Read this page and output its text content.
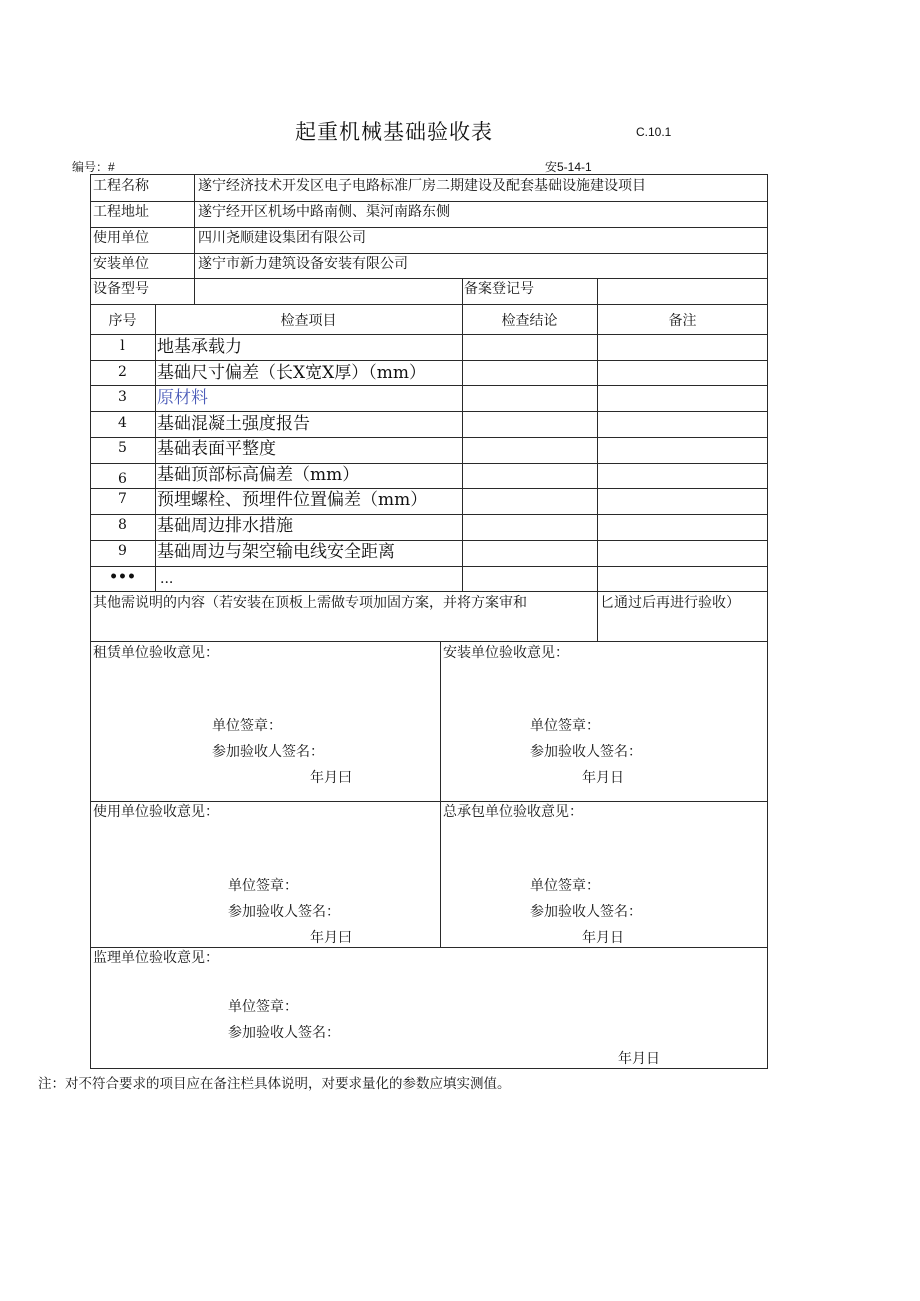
起重机械基础验收表	C.10.1
编号：#	安5-14-1
工程名称	遂宁经济技术开发区电子电路标准厂房二期建设及配套基础设施建设项目
工程地址	遂宁经开区机场中路南侧、渠河南路东侧
使用单位	四川尧顺建设集团有限公司
安装单位	遂宁市新力建筑设备安装有限公司
设备型号	备案登记号
序号	检查项目	检查结论	备注
l	地基承载力
2	基础尺寸偏差（长X宽X厚）（mm）
3	原材料
4	基础混凝土强度报告
5	基础表面平整度
6	基础顶部标高偏差（mm）
7	预埋螺栓、预埋件位置偏差（mm）
8	基础周边排水措施
9	基础周边与架空输电线安全距离
•••	...
其他需说明的内容（若安装在顶板上需做专项加固方案，并将方案审和	匕通过后再进行验收）
租赁单位验收意见：
单位签章：
参加验收人签名：
年月曰
安装单位验收意见：
单位签章：
参加验收人签名：
年月日
使用单位验收意见：
单位签章：
参加验收人签名：
年月曰
总承包单位验收意见：
单位签章：
参加验收人签名：
年月日
监理单位验收意见：
单位签章：
参加验收人签名：
年月日
注：对不符合要求的项目应在备注栏具体说明，对要求量化的参数应填实测值。
